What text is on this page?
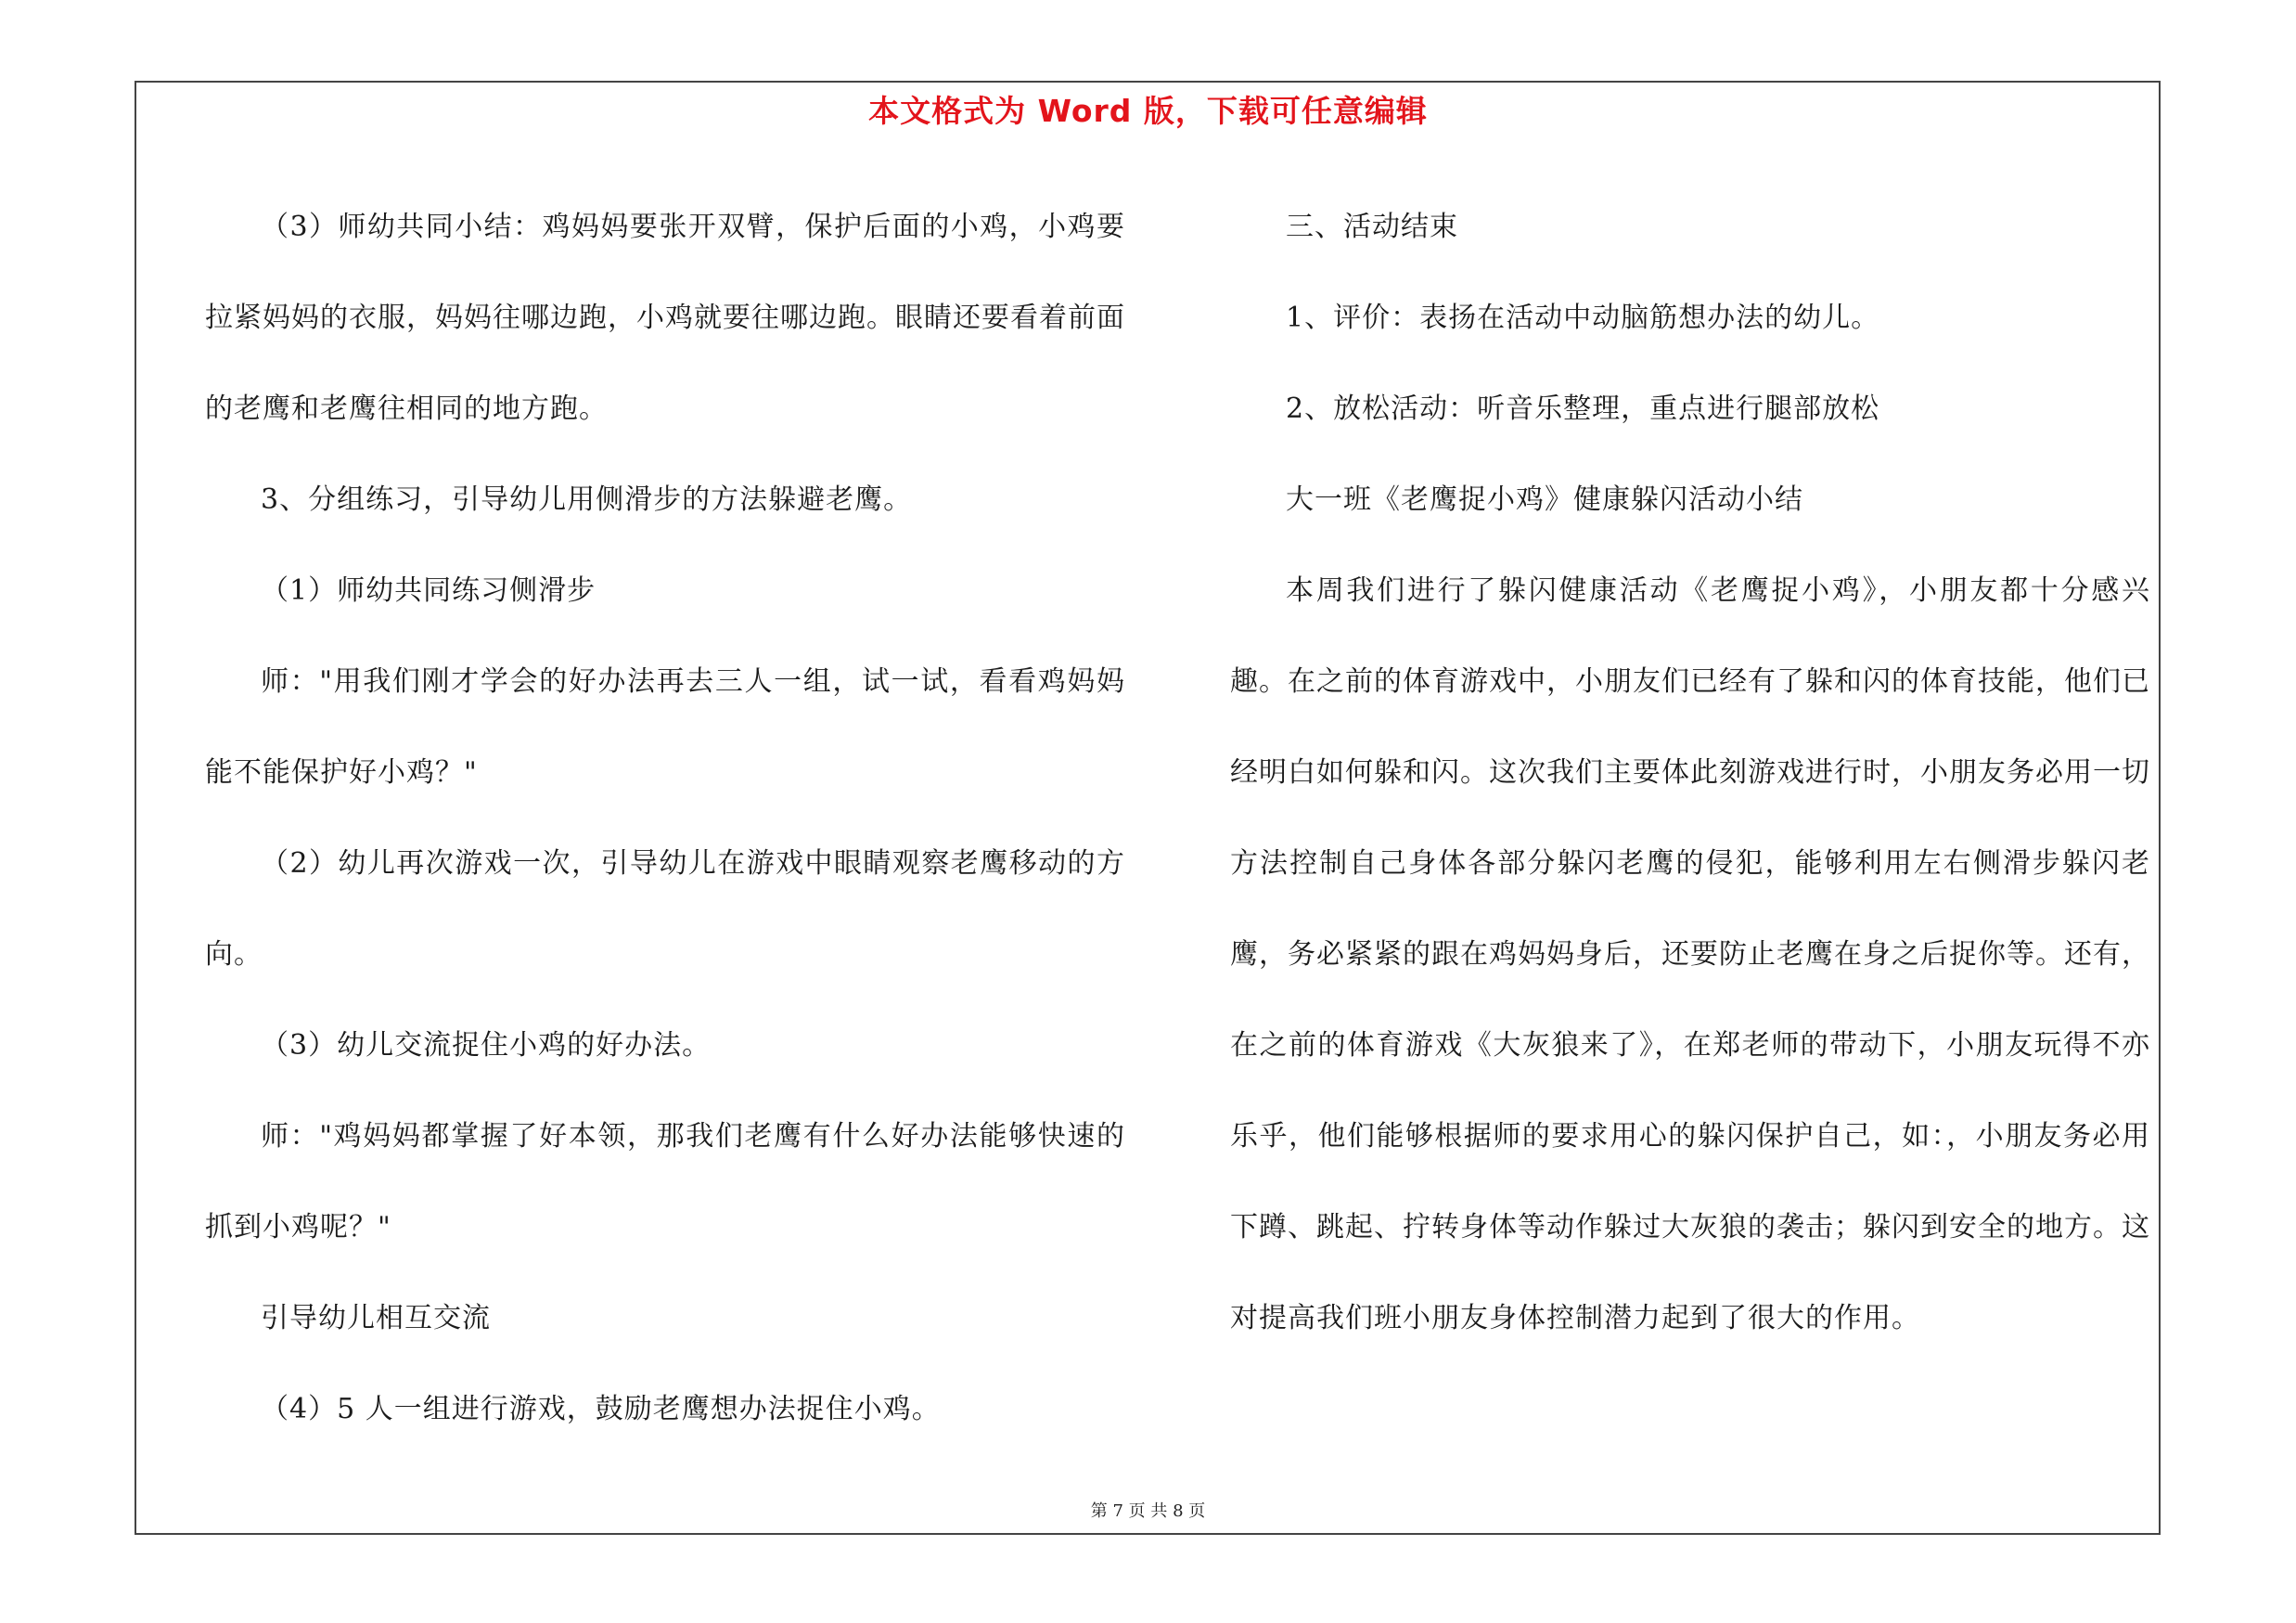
本文格式为 Word 版，下载可任意编辑

（3）师幼共同小结：鸡妈妈要张开双臂，保护后面的小鸡，小鸡要拉紧妈妈的衣服，妈妈往哪边跑，小鸡就要往哪边跑。眼睛还要看着前面的老鹰和老鹰往相同的地方跑。

3、分组练习，引导幼儿用侧滑步的方法躲避老鹰。

（1）师幼共同练习侧滑步

师："用我们刚才学会的好办法再去三人一组，试一试，看看鸡妈妈能不能保护好小鸡？"

（2）幼儿再次游戏一次，引导幼儿在游戏中眼睛观察老鹰移动的方向。

（3）幼儿交流捉住小鸡的好办法。

师："鸡妈妈都掌握了好本领，那我们老鹰有什么好办法能够快速的抓到小鸡呢？"

引导幼儿相互交流

（4）5 人一组进行游戏，鼓励老鹰想办法捉住小鸡。

三、活动结束

1、评价：表扬在活动中动脑筋想办法的幼儿。

2、放松活动：听音乐整理，重点进行腿部放松

大一班《老鹰捉小鸡》健康躲闪活动小结

本周我们进行了躲闪健康活动《老鹰捉小鸡》，小朋友都十分感兴趣。在之前的体育游戏中，小朋友们已经有了躲和闪的体育技能，他们已经明白如何躲和闪。这次我们主要体此刻游戏进行时，小朋友务必用一切方法控制自己身体各部分躲闪老鹰的侵犯，能够利用左右侧滑步躲闪老鹰，务必紧紧的跟在鸡妈妈身后，还要防止老鹰在身之后捉你等。还有，在之前的体育游戏《大灰狼来了》，在郑老师的带动下，小朋友玩得不亦乐乎，他们能够根据师的要求用心的躲闪保护自己，如：，小朋友务必用下蹲、跳起、拧转身体等动作躲过大灰狼的袭击；躲闪到安全的地方。这对提高我们班小朋友身体控制潜力起到了很大的作用。

第 7 页 共 8 页
